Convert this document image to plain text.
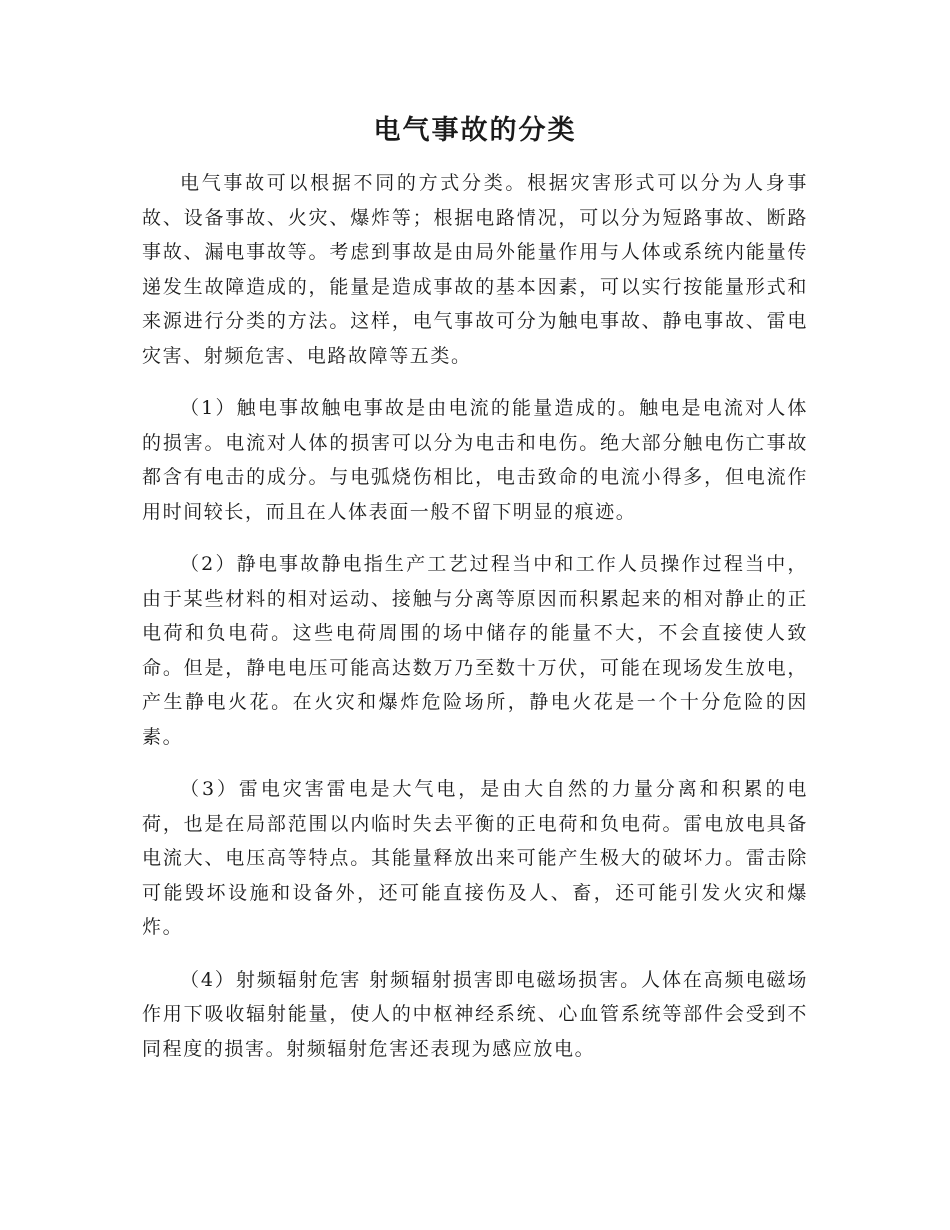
电气事故的分类

电气事故可以根据不同的方式分类。根据灾害形式可以分为人身事故、设备事故、火灾、爆炸等；根据电路情况，可以分为短路事故、断路事故、漏电事故等。考虑到事故是由局外能量作用与人体或系统内能量传递发生故障造成的，能量是造成事故的基本因素，可以实行按能量形式和来源进行分类的方法。这样，电气事故可分为触电事故、静电事故、雷电灾害、射频危害、电路故障等五类。

（1）触电事故触电事故是由电流的能量造成的。触电是电流对人体的损害。电流对人体的损害可以分为电击和电伤。绝大部分触电伤亡事故都含有电击的成分。与电弧烧伤相比，电击致命的电流小得多，但电流作用时间较长，而且在人体表面一般不留下明显的痕迹。

（2）静电事故静电指生产工艺过程当中和工作人员操作过程当中，由于某些材料的相对运动、接触与分离等原因而积累起来的相对静止的正电荷和负电荷。这些电荷周围的场中储存的能量不大，不会直接使人致命。但是，静电电压可能高达数万乃至数十万伏，可能在现场发生放电，产生静电火花。在火灾和爆炸危险场所，静电火花是一个十分危险的因素。

（3）雷电灾害雷电是大气电，是由大自然的力量分离和积累的电荷，也是在局部范围以内临时失去平衡的正电荷和负电荷。雷电放电具备电流大、电压高等特点。其能量释放出来可能产生极大的破坏力。雷击除可能毁坏设施和设备外，还可能直接伤及人、畜，还可能引发火灾和爆炸。

（4）射频辐射危害 射频辐射损害即电磁场损害。人体在高频电磁场作用下吸收辐射能量，使人的中枢神经系统、心血管系统等部件会受到不同程度的损害。射频辐射危害还表现为感应放电。
